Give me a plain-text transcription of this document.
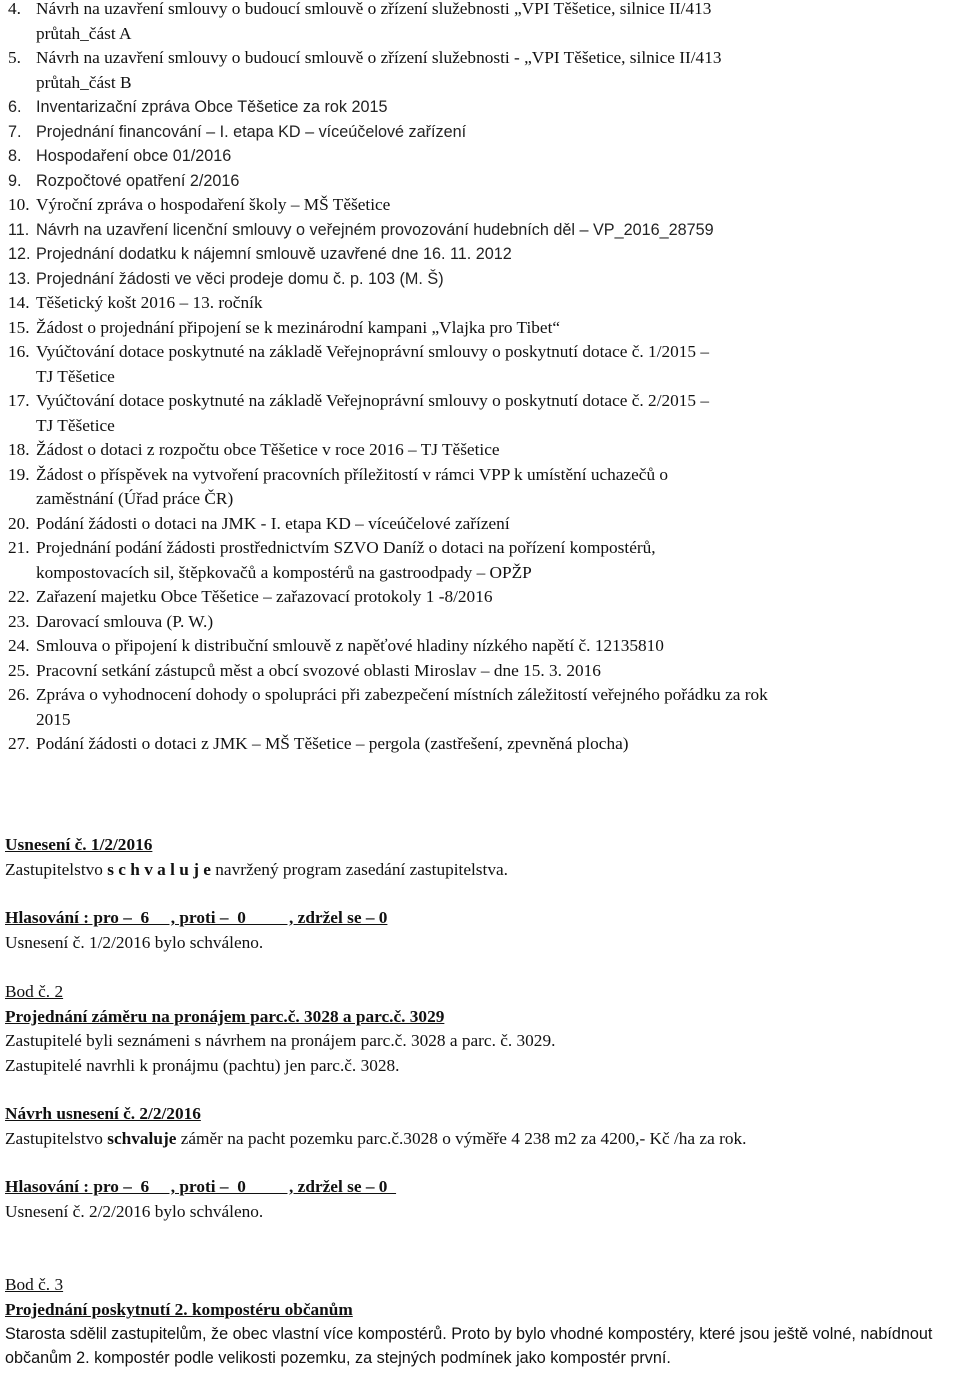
4. Návrh na uzavření smlouvy o budoucí smlouvě o zřízení služebnosti „VPI Těšetice, silnice II/413
průtah_část A
5. Návrh na uzavření smlouvy o budoucí smlouvě o zřízení služebnosti - „VPI Těšetice, silnice II/413
průtah_část B
6. Inventarizační zpráva Obce Těšetice za rok 2015
7. Projednání financování – I. etapa KD – víceúčelové zařízení
8. Hospodaření obce 01/2016
9. Rozpočtové opatření 2/2016
10. Výroční zpráva o hospodaření školy – MŠ Těšetice
11. Návrh na uzavření licenční smlouvy o veřejném provozování hudebních děl – VP_2016_28759
12. Projednání dodatku k nájemní smlouvě uzavřené dne 16. 11. 2012
13. Projednání žádosti ve věci prodeje domu č. p. 103 (M. Š)
14. Těšetický košt 2016 – 13. ročník
15. Žádost o projednání připojení se k mezinárodní kampani „Vlajka pro Tibet“
16. Vyúčtování dotace poskytnuté na základě Veřejnoprávní smlouvy o poskytnutí dotace č. 1/2015 –
TJ Těšetice
17. Vyúčtování dotace poskytnuté na základě Veřejnoprávní smlouvy o poskytnutí dotace č. 2/2015 –
TJ Těšetice
18. Žádost o dotaci z rozpočtu obce Těšetice v roce 2016 – TJ Těšetice
19. Žádost o příspěvek na vytvoření pracovních příležitostí v rámci VPP k umístění uchazečů o
zaměstnání (Úřad práce ČR)
20. Podání žádosti o dotaci na JMK - I. etapa KD – víceúčelové zařízení
21. Projednání podání žádosti prostřednictvím SZVO Daníž o dotaci na pořízení kompostérů,
kompostovacích sil, štěpkovačů a kompostérů na gastroodpady – OPŽP
22. Zařazení majetku Obce Těšetice – zařazovací protokoly 1 -8/2016
23. Darovací smlouva (P. W.)
24. Smlouva o připojení k distribuční smlouvě z napěťové hladiny nízkého napětí č. 12135810
25. Pracovní setkání zástupců měst a obcí svozové oblasti Miroslav – dne 15. 3. 2016
26. Zpráva o vyhodnocení dohody o spolupráci při zabezpečení místních záležitostí veřejného pořádku za rok
2015
27. Podání žádosti o dotaci z JMK – MŠ Těšetice – pergola (zastřešení, zpevněná plocha)
Usnesení č. 1/2/2016
Zastupitelstvo s c h v a l u j e navržený program zasedání zastupitelstva.
Hlasování : pro –  6     , proti –  0          , zdržel se – 0
Usnesení č. 1/2/2016 bylo schváleno.
Bod č. 2
Projednání záměru na pronájem parc.č. 3028 a parc.č. 3029
Zastupitelé byli seznámeni s návrhem na pronájem parc.č. 3028 a parc. č. 3029.
Zastupitelé navrhli k pronájmu (pachtu) jen parc.č. 3028.
Návrh usnesení č. 2/2/2016
Zastupitelstvo schvaluje záměr na pacht pozemku parc.č.3028 o výměře 4 238 m2 za 4200,- Kč /ha za rok.
Hlasování : pro –  6     , proti –  0          , zdržel se – 0
Usnesení č. 2/2/2016 bylo schváleno.
Bod č. 3
Projednání poskytnutí 2. kompostéru občanům
Starosta sdělil zastupitelům, že obec vlastní více kompostérů. Proto by bylo vhodné kompostéry, které jsou ještě volné, nabídnout občanům 2. kompostér podle velikosti pozemku, za stejných podmínek jako kompostér první.
